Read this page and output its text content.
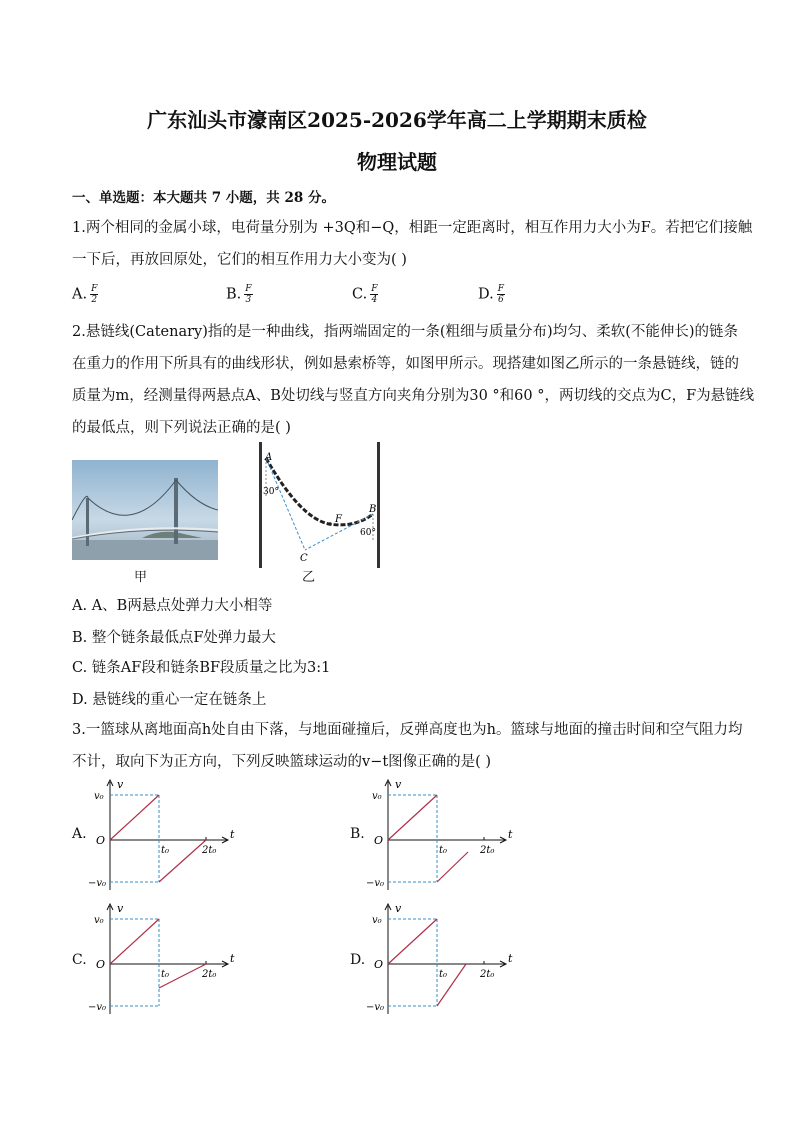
广东汕头市濠南区2025-2026学年高二上学期期末质检
物理试题
一、单选题：本大题共 7 小题，共 28 分。
1.两个相同的金属小球，电荷量分别为 +3Q和−Q，相距一定距离时，相互作用力大小为F。若把它们接触
一下后，再放回原处，它们的相互作用力大小变为( )
A. $\frac{F}{2}$	B. $\frac{F}{3}$	C. $\frac{F}{4}$	D. $\frac{F}{6}$
2.悬链线(Catenary)指的是一种曲线，指两端固定的一条(粗细与质量分布)均匀、柔软(不能伸长)的链条
在重力的作用下所具有的曲线形状，例如悬索桥等，如图甲所示。现搭建如图乙所示的一条悬链线，链的
质量为m，经测量得两悬点A、B处切线与竖直方向夹角分别为30 °和60 °，两切线的交点为C，F为悬链线
的最低点，则下列说法正确的是( )
甲
A
30°
F
B
60°
C
乙
A. A、B两悬点处弹力大小相等
B. 整个链条最低点F处弹力最大
C. 链条AF段和链条BF段质量之比为3:1
D. 悬链线的重心一定在链条上
3.一篮球从离地面高h处自由下落，与地面碰撞后，反弹高度也为h。篮球与地面的撞击时间和空气阻力均
不计，取向下为正方向，下列反映篮球运动的v−t图像正确的是( )
A.	B.
C.	D.
v
t
O
v₀
−v₀
t₀	2t₀
v
t
O
v₀
−v₀
t₀	2t₀
v
t
O
v₀
−v₀
t₀	2t₀
v
t
O
v₀
−v₀
t₀	2t₀
